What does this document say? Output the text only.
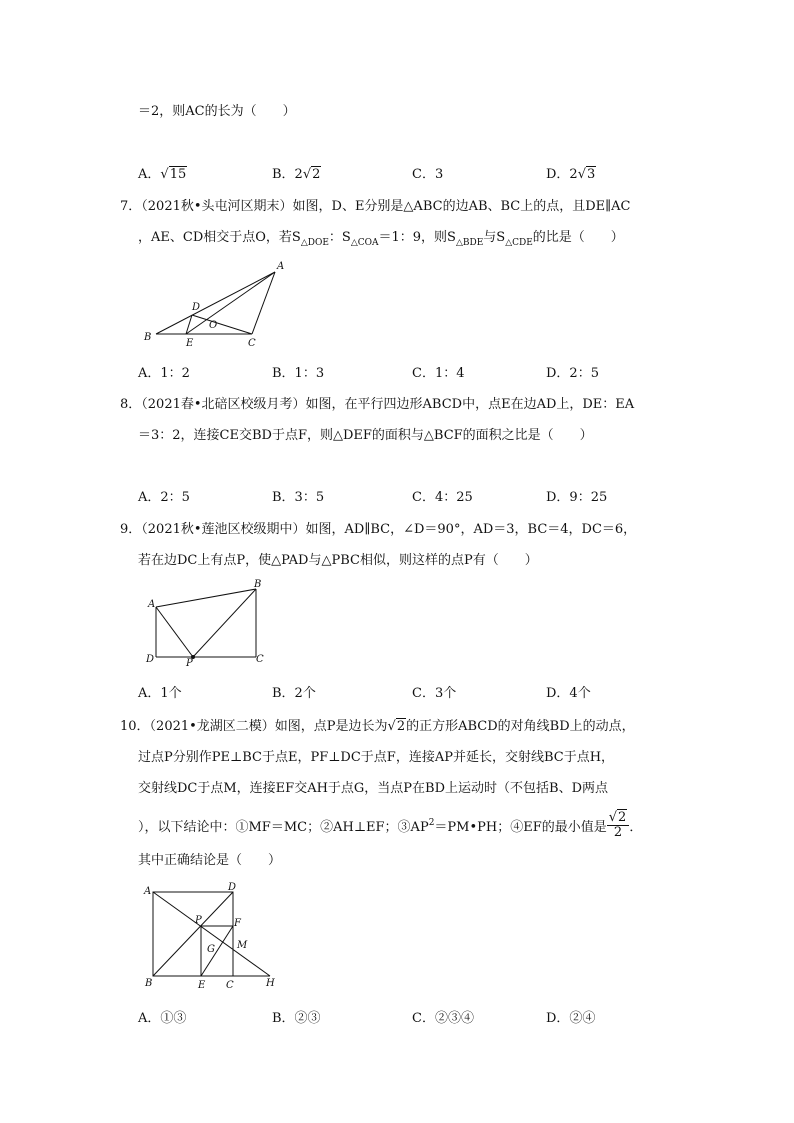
＝2，则AC的长为（　　）
A．√15	B．2√2	C．3	D．2√3
7．（2021秋•头屯河区期末）如图，D、E分别是△ABC的边AB、BC上的点，且DE∥AC
，AE、CD相交于点O，若$S_{\triangle DOE}$：$S_{\triangle COA}=1$：9，则$S_{\triangle BDE}$与$S_{\triangle CDE}$的比是（　　）
A
D
O
B
E	C
A．1：2	B．1：3	C．1：4	D．2：5
8．（2021春•北碚区校级月考）如图，在平行四边形ABCD中，点E在边AD上，DE：EA
＝3：2，连接CE交BD于点F，则△DEF的面积与△BCF的面积之比是（　　）
A．2：5	B．3：5	C．4：25	D．9：25
9．（2021秋•莲池区校级期中）如图，AD∥BC，∠D＝90°，AD＝3，BC＝4，DC＝6，
若在边DC上有点P，使△PAD与△PBC相似，则这样的点P有（　　）
B
A
D	P	C
A．1个	B．2个	C．3个	D．4个
10．（2021•龙湖区二模）如图，点P是边长为√2的正方形ABCD的对角线BD上的动点，
过点P分别作PE⊥BC于点E，PF⊥DC于点F，连接AP并延长，交射线BC于点H，
交射线DC于点M，连接EF交AH于点G，当点P在BD上运动时（不包括B、D两点
），以下结论中：①MF＝MC；②AH⊥EF；$③AP^2=PM•PH$；④EF的最小值是 $\frac{√2}{2}$ ．
其中正确结论是（　　）
A	D
P	F
G M
B	E C	H
A．①③	B．②③	C．②③④	D．②④
